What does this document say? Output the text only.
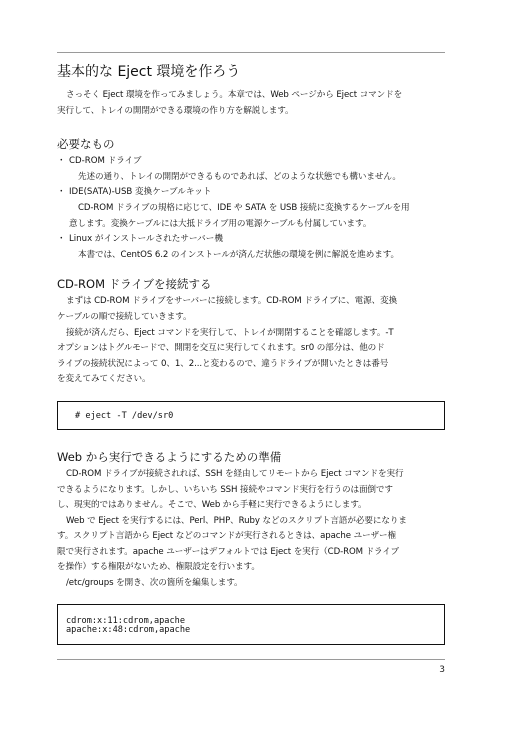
基本的な Eject 環境を作ろう

さっそく Eject 環境を作ってみましょう。本章では、Web ページから Eject コマンドを

実行して、トレイの開閉ができる環境の作り方を解説します。

必要なもの
・ CD-ROM ドライブ

先述の通り、トレイの開閉ができるものであれば、どのような状態でも構いません。

・ IDE(SATA)-USB 変換ケーブルキット

CD-ROM ドライブの規格に応じて、IDE や SATA を USB 接続に変換するケーブルを用

意します。変換ケーブルには大抵ドライブ用の電源ケーブルも付属しています。

・ Linux がインストールされたサーバー機

本書では、CentOS 6.2 のインストールが済んだ状態の環境を例に解説を進めます。

CD-ROM ドライブを接続する

まずは CD-ROM ドライブをサーバーに接続します。CD-ROM ドライブに、電源、変換

ケーブルの順で接続していきます。

接続が済んだら、Eject コマンドを実行して、トレイが開閉することを確認します。-T

オプションはトグルモードで、開閉を交互に実行してくれます。sr0 の部分は、他のド

ライブの接続状況によって 0、1、2...と変わるので、違うドライブが開いたときは番号

を変えてみてください。

# eject -T /dev/sr0
Web から実行できるようにするための準備

CD-ROM ドライブが接続されれば、SSH を経由してリモートから Eject コマンドを実行

できるようになります。しかし、いちいち SSH 接続やコマンド実行を行うのは面倒です

し、現実的ではありません。そこで、Web から手軽に実行できるようにします。

Web で Eject を実行するには、Perl、PHP、Ruby などのスクリプト言語が必要になりま

す。スクリプト言語から Eject などのコマンドが実行されるときは、apache ユーザー権

限で実行されます。apache ユーザーはデフォルトでは Eject を実行（CD-ROM ドライブ

を操作）する権限がないため、権限設定を行います。

/etc/groups を開き、次の箇所を編集します。

cdrom:x:11:cdrom,apache
apache:x:48:cdrom,apache
3
